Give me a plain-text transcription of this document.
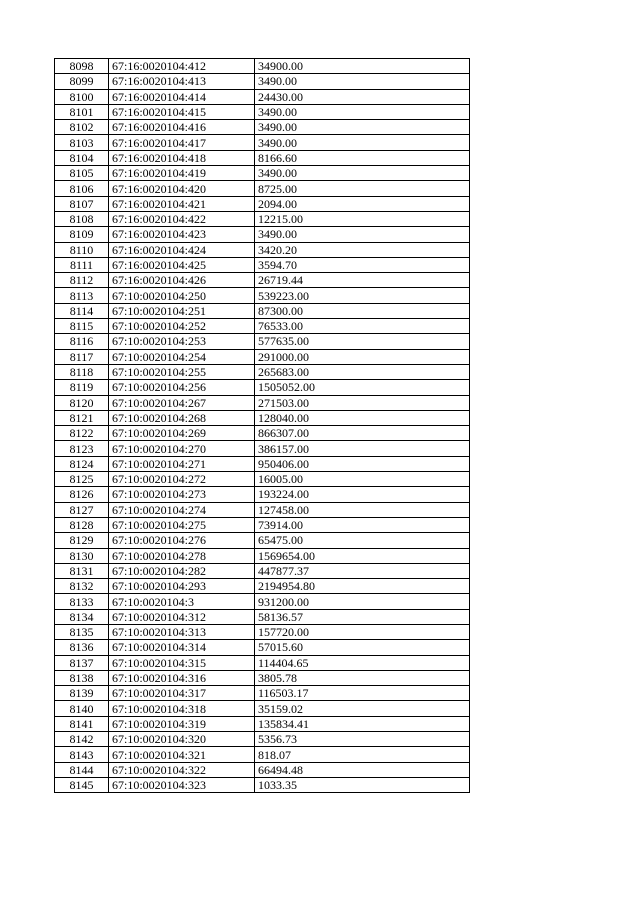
8098	67:16:0020104:412	34900.00
8099	67:16:0020104:413	3490.00
8100	67:16:0020104:414	24430.00
8101	67:16:0020104:415	3490.00
8102	67:16:0020104:416	3490.00
8103	67:16:0020104:417	3490.00
8104	67:16:0020104:418	8166.60
8105	67:16:0020104:419	3490.00
8106	67:16:0020104:420	8725.00
8107	67:16:0020104:421	2094.00
8108	67:16:0020104:422	12215.00
8109	67:16:0020104:423	3490.00
8110	67:16:0020104:424	3420.20
8111	67:16:0020104:425	3594.70
8112	67:16:0020104:426	26719.44
8113	67:10:0020104:250	539223.00
8114	67:10:0020104:251	87300.00
8115	67:10:0020104:252	76533.00
8116	67:10:0020104:253	577635.00
8117	67:10:0020104:254	291000.00
8118	67:10:0020104:255	265683.00
8119	67:10:0020104:256	1505052.00
8120	67:10:0020104:267	271503.00
8121	67:10:0020104:268	128040.00
8122	67:10:0020104:269	866307.00
8123	67:10:0020104:270	386157.00
8124	67:10:0020104:271	950406.00
8125	67:10:0020104:272	16005.00
8126	67:10:0020104:273	193224.00
8127	67:10:0020104:274	127458.00
8128	67:10:0020104:275	73914.00
8129	67:10:0020104:276	65475.00
8130	67:10:0020104:278	1569654.00
8131	67:10:0020104:282	447877.37
8132	67:10:0020104:293	2194954.80
8133	67:10:0020104:3	931200.00
8134	67:10:0020104:312	58136.57
8135	67:10:0020104:313	157720.00
8136	67:10:0020104:314	57015.60
8137	67:10:0020104:315	114404.65
8138	67:10:0020104:316	3805.78
8139	67:10:0020104:317	116503.17
8140	67:10:0020104:318	35159.02
8141	67:10:0020104:319	135834.41
8142	67:10:0020104:320	5356.73
8143	67:10:0020104:321	818.07
8144	67:10:0020104:322	66494.48
8145	67:10:0020104:323	1033.35
